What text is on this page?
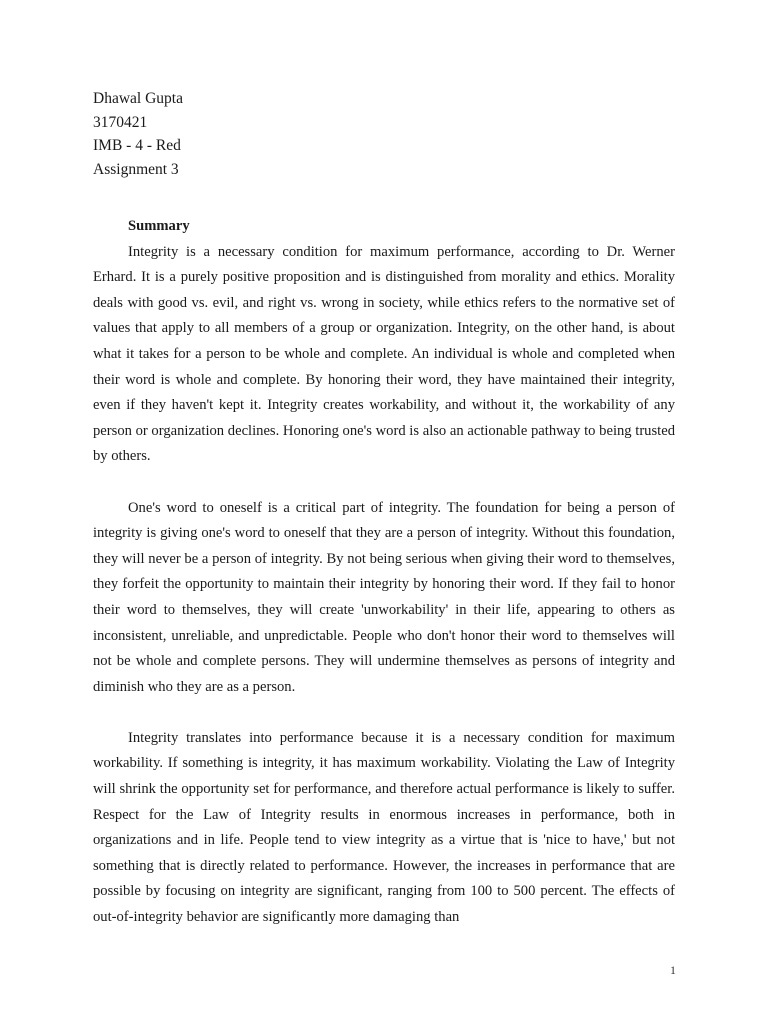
Dhawal Gupta
3170421
IMB - 4 - Red
Assignment 3

Summary

Integrity is a necessary condition for maximum performance, according to Dr. Werner Erhard. It is a purely positive proposition and is distinguished from morality and ethics. Morality deals with good vs. evil, and right vs. wrong in society, while ethics refers to the normative set of values that apply to all members of a group or organization. Integrity, on the other hand, is about what it takes for a person to be whole and complete. An individual is whole and completed when their word is whole and complete. By honoring their word, they have maintained their integrity, even if they haven't kept it. Integrity creates workability, and without it, the workability of any person or organization declines. Honoring one's word is also an actionable pathway to being trusted by others.

One's word to oneself is a critical part of integrity. The foundation for being a person of integrity is giving one's word to oneself that they are a person of integrity. Without this foundation, they will never be a person of integrity. By not being serious when giving their word to themselves, they forfeit the opportunity to maintain their integrity by honoring their word. If they fail to honor their word to themselves, they will create 'unworkability' in their life, appearing to others as inconsistent, unreliable, and unpredictable. People who don't honor their word to themselves will not be whole and complete persons. They will undermine themselves as persons of integrity and diminish who they are as a person.

Integrity translates into performance because it is a necessary condition for maximum workability. If something is integrity, it has maximum workability. Violating the Law of Integrity will shrink the opportunity set for performance, and therefore actual performance is likely to suffer. Respect for the Law of Integrity results in enormous increases in performance, both in organizations and in life. People tend to view integrity as a virtue that is 'nice to have,' but not something that is directly related to performance. However, the increases in performance that are possible by focusing on integrity are significant, ranging from 100 to 500 percent. The effects of out-of-integrity behavior are significantly more damaging than

1
